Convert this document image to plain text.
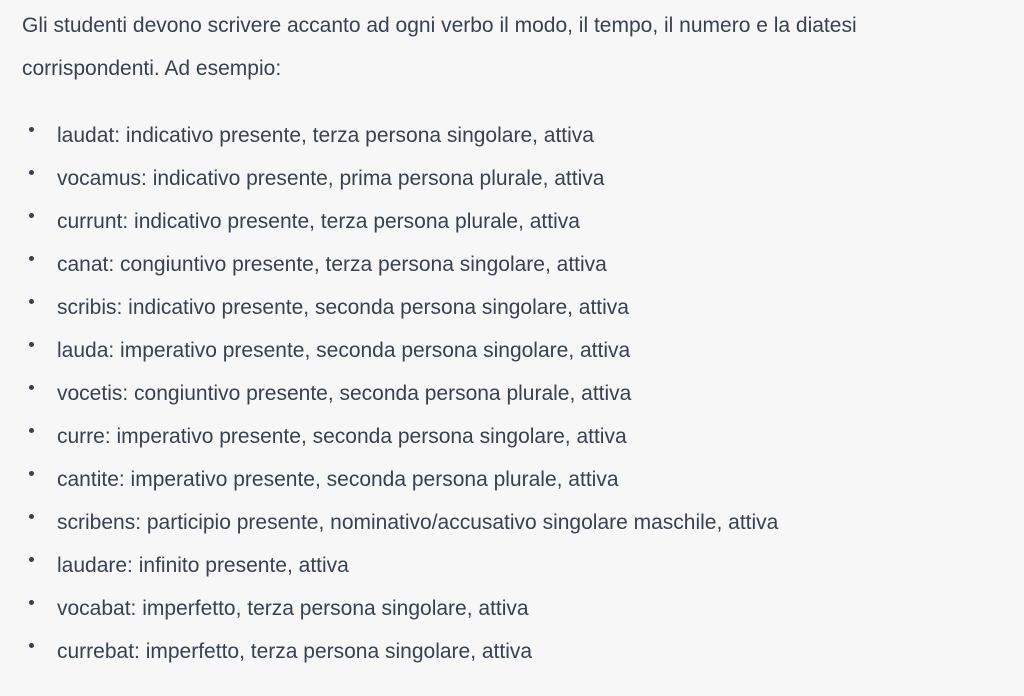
Gli studenti devono scrivere accanto ad ogni verbo il modo, il tempo, il numero e la diatesi
corrispondenti. Ad esempio:

laudat: indicativo presente, terza persona singolare, attiva
vocamus: indicativo presente, prima persona plurale, attiva
currunt: indicativo presente, terza persona plurale, attiva
canat: congiuntivo presente, terza persona singolare, attiva
scribis: indicativo presente, seconda persona singolare, attiva
lauda: imperativo presente, seconda persona singolare, attiva
vocetis: congiuntivo presente, seconda persona plurale, attiva
curre: imperativo presente, seconda persona singolare, attiva
cantite: imperativo presente, seconda persona plurale, attiva
scribens: participio presente, nominativo/accusativo singolare maschile, attiva
laudare: infinito presente, attiva
vocabat: imperfetto, terza persona singolare, attiva
currebat: imperfetto, terza persona singolare, attiva
